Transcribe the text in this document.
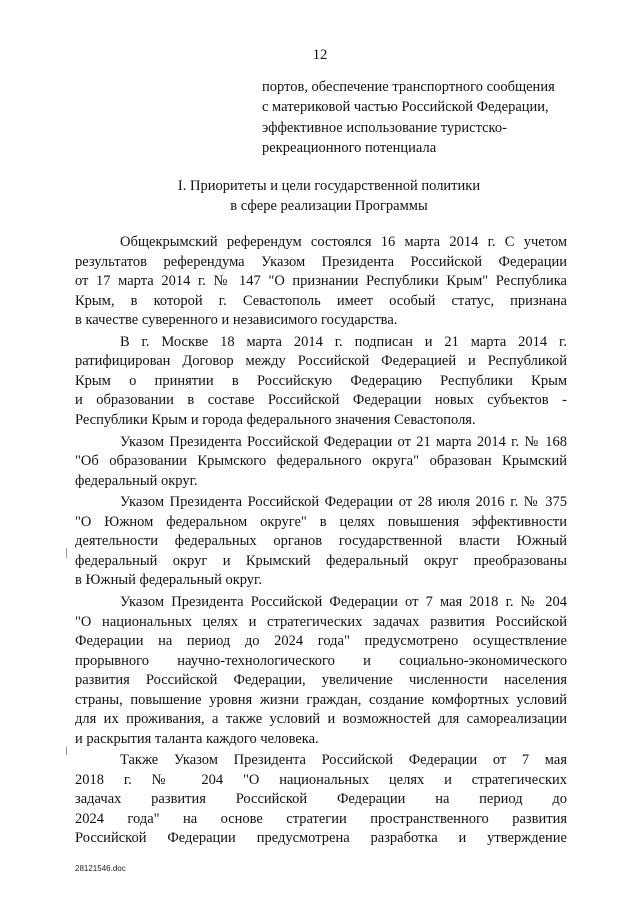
12
портов, обеспечение транспортного сообщения
с материковой частью Российской Федерации,
эффективное использование туристско-
рекреационного потенциала
I. Приоритеты и цели государственной политики
в сфере реализации Программы
Общекрымский референдум состоялся 16 марта 2014 г. С учетом
результатов референдума Указом Президента Российской Федерации
от 17 марта 2014 г. № 147 "О признании Республики Крым" Республика
Крым, в которой г. Севастополь имеет особый статус, признана
в качестве суверенного и независимого государства.
В г. Москве 18 марта 2014 г. подписан и 21 марта 2014 г.
ратифицирован Договор между Российской Федерацией и Республикой
Крым о принятии в Российскую Федерацию Республики Крым
и образовании в составе Российской Федерации новых субъектов -
Республики Крым и города федерального значения Севастополя.
Указом Президента Российской Федерации от 21 марта 2014 г. № 168
"Об образовании Крымского федерального округа" образован Крымский
федеральный округ.
Указом Президента Российской Федерации от 28 июля 2016 г. № 375
"О Южном федеральном округе" в целях повышения эффективности
деятельности федеральных органов государственной власти Южный
федеральный округ и Крымский федеральный округ преобразованы
в Южный федеральный округ.
Указом Президента Российской Федерации от 7 мая 2018 г. № 204
"О национальных целях и стратегических задачах развития Российской
Федерации на период до 2024 года" предусмотрено осуществление
прорывного научно-технологического и социально-экономического
развития Российской Федерации, увеличение численности населения
страны, повышение уровня жизни граждан, создание комфортных условий
для их проживания, а также условий и возможностей для самореализации
и раскрытия таланта каждого человека.
Также Указом Президента Российской Федерации от 7 мая
2018 г. № 204 "О национальных целях и стратегических
задачах развития Российской Федерации на период до
2024 года" на основе стратегии пространственного развития
Российской Федерации предусмотрена разработка и утверждение
28121546.doc
